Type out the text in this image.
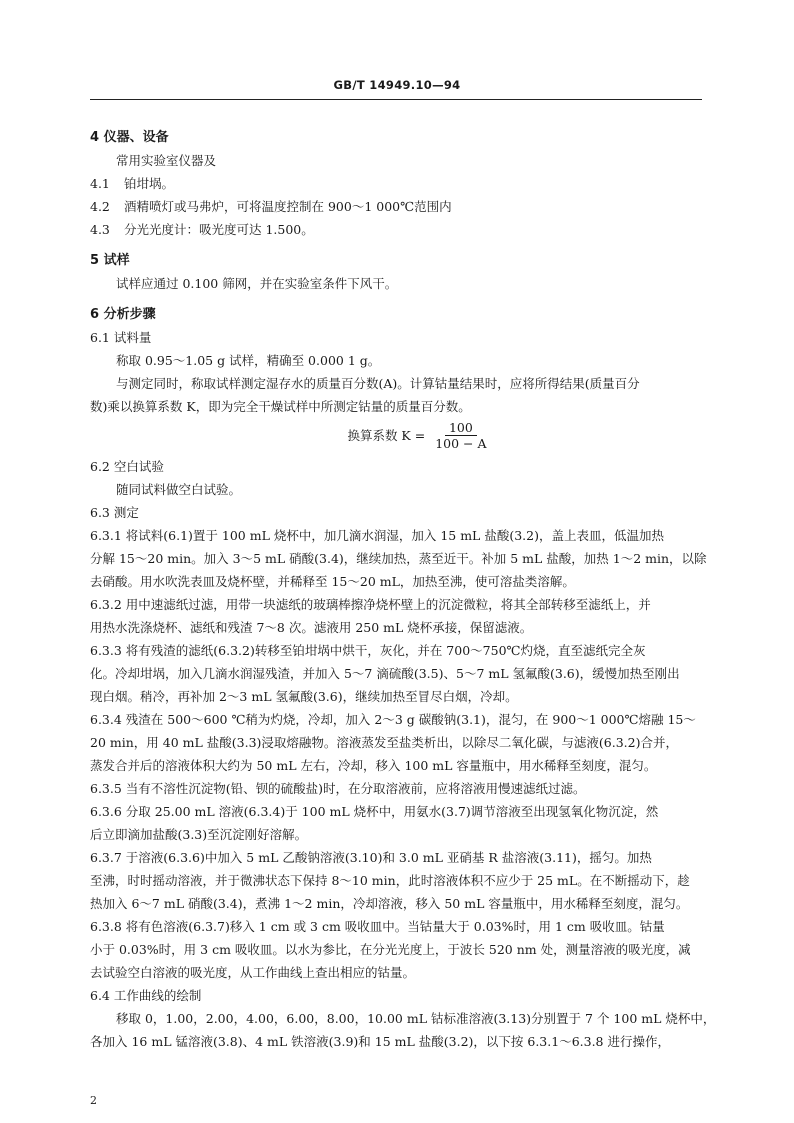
GB/T 14949.10—94

4 仪器、设备

常用实验室仪器及

4.1 铂坩埚。

4.2 酒精喷灯或马弗炉，可将温度控制在 900～1 000℃范围内

4.3 分光光度计：吸光度可达 1.500。

5 试样

试样应通过 0.100 筛网，并在实验室条件下风干。

6 分析步骤

6.1 试料量

称取 0.95～1.05 g 试样，精确至 0.000 1 g。

与测定同时，称取试样测定湿存水的质量百分数(A)。计算钴量结果时，应将所得结果(质量百分

数)乘以换算系数 K，即为完全干燥试样中所测定钴量的质量百分数。

换算系数 $K = \frac{100}{100 - A}$

6.2 空白试验

随同试料做空白试验。

6.3 测定

6.3.1 将试料(6.1)置于 100 mL 烧杯中，加几滴水润湿，加入 15 mL 盐酸(3.2)，盖上表皿，低温加热

分解 15～20 min。加入 3～5 mL 硝酸(3.4)，继续加热，蒸至近干。补加 5 mL 盐酸，加热 1～2 min，以除

去硝酸。用水吹洗表皿及烧杯壁，并稀释至 15～20 mL，加热至沸，使可溶盐类溶解。

6.3.2 用中速滤纸过滤，用带一块滤纸的玻璃棒擦净烧杯壁上的沉淀微粒，将其全部转移至滤纸上，并

用热水洗涤烧杯、滤纸和残渣 7～8 次。滤液用 250 mL 烧杯承接，保留滤液。

6.3.3 将有残渣的滤纸(6.3.2)转移至铂坩埚中烘干，灰化，并在 700～750℃灼烧，直至滤纸完全灰

化。冷却坩埚，加入几滴水润湿残渣，并加入 5～7 滴硫酸(3.5)、5～7 mL 氢氟酸(3.6)，缓慢加热至刚出

现白烟。稍冷，再补加 2～3 mL 氢氟酸(3.6)，继续加热至冒尽白烟，冷却。

6.3.4 残渣在 500～600 ℃稍为灼烧，冷却，加入 2～3 g 碳酸钠(3.1)，混匀，在 900～1 000℃熔融 15～

20 min，用 40 mL 盐酸(3.3)浸取熔融物。溶液蒸发至盐类析出，以除尽二氧化碳，与滤液(6.3.2)合并，

蒸发合并后的溶液体积大约为 50 mL 左右，冷却，移入 100 mL 容量瓶中，用水稀释至刻度，混匀。

6.3.5 当有不溶性沉淀物(铅、钡的硫酸盐)时，在分取溶液前，应将溶液用慢速滤纸过滤。

6.3.6 分取 25.00 mL 溶液(6.3.4)于 100 mL 烧杯中，用氨水(3.7)调节溶液至出现氢氧化物沉淀，然

后立即滴加盐酸(3.3)至沉淀刚好溶解。

6.3.7 于溶液(6.3.6)中加入 5 mL 乙酸钠溶液(3.10)和 3.0 mL 亚硝基 R 盐溶液(3.11)，摇匀。加热

至沸，时时摇动溶液，并于微沸状态下保持 8～10 min，此时溶液体积不应少于 25 mL。在不断摇动下，趁

热加入 6～7 mL 硝酸(3.4)，煮沸 1～2 min，冷却溶液，移入 50 mL 容量瓶中，用水稀释至刻度，混匀。

6.3.8 将有色溶液(6.3.7)移入 1 cm 或 3 cm 吸收皿中。当钴量大于 0.03%时，用 1 cm 吸收皿。钴量

小于 0.03%时，用 3 cm 吸收皿。以水为参比，在分光光度上，于波长 520 nm 处，测量溶液的吸光度，减

去试验空白溶液的吸光度，从工作曲线上查出相应的钴量。

6.4 工作曲线的绘制

移取 0，1.00，2.00，4.00，6.00，8.00，10.00 mL 钴标准溶液(3.13)分别置于 7 个 100 mL 烧杯中，

各加入 16 mL 锰溶液(3.8)、4 mL 铁溶液(3.9)和 15 mL 盐酸(3.2)，以下按 6.3.1～6.3.8 进行操作，

2
